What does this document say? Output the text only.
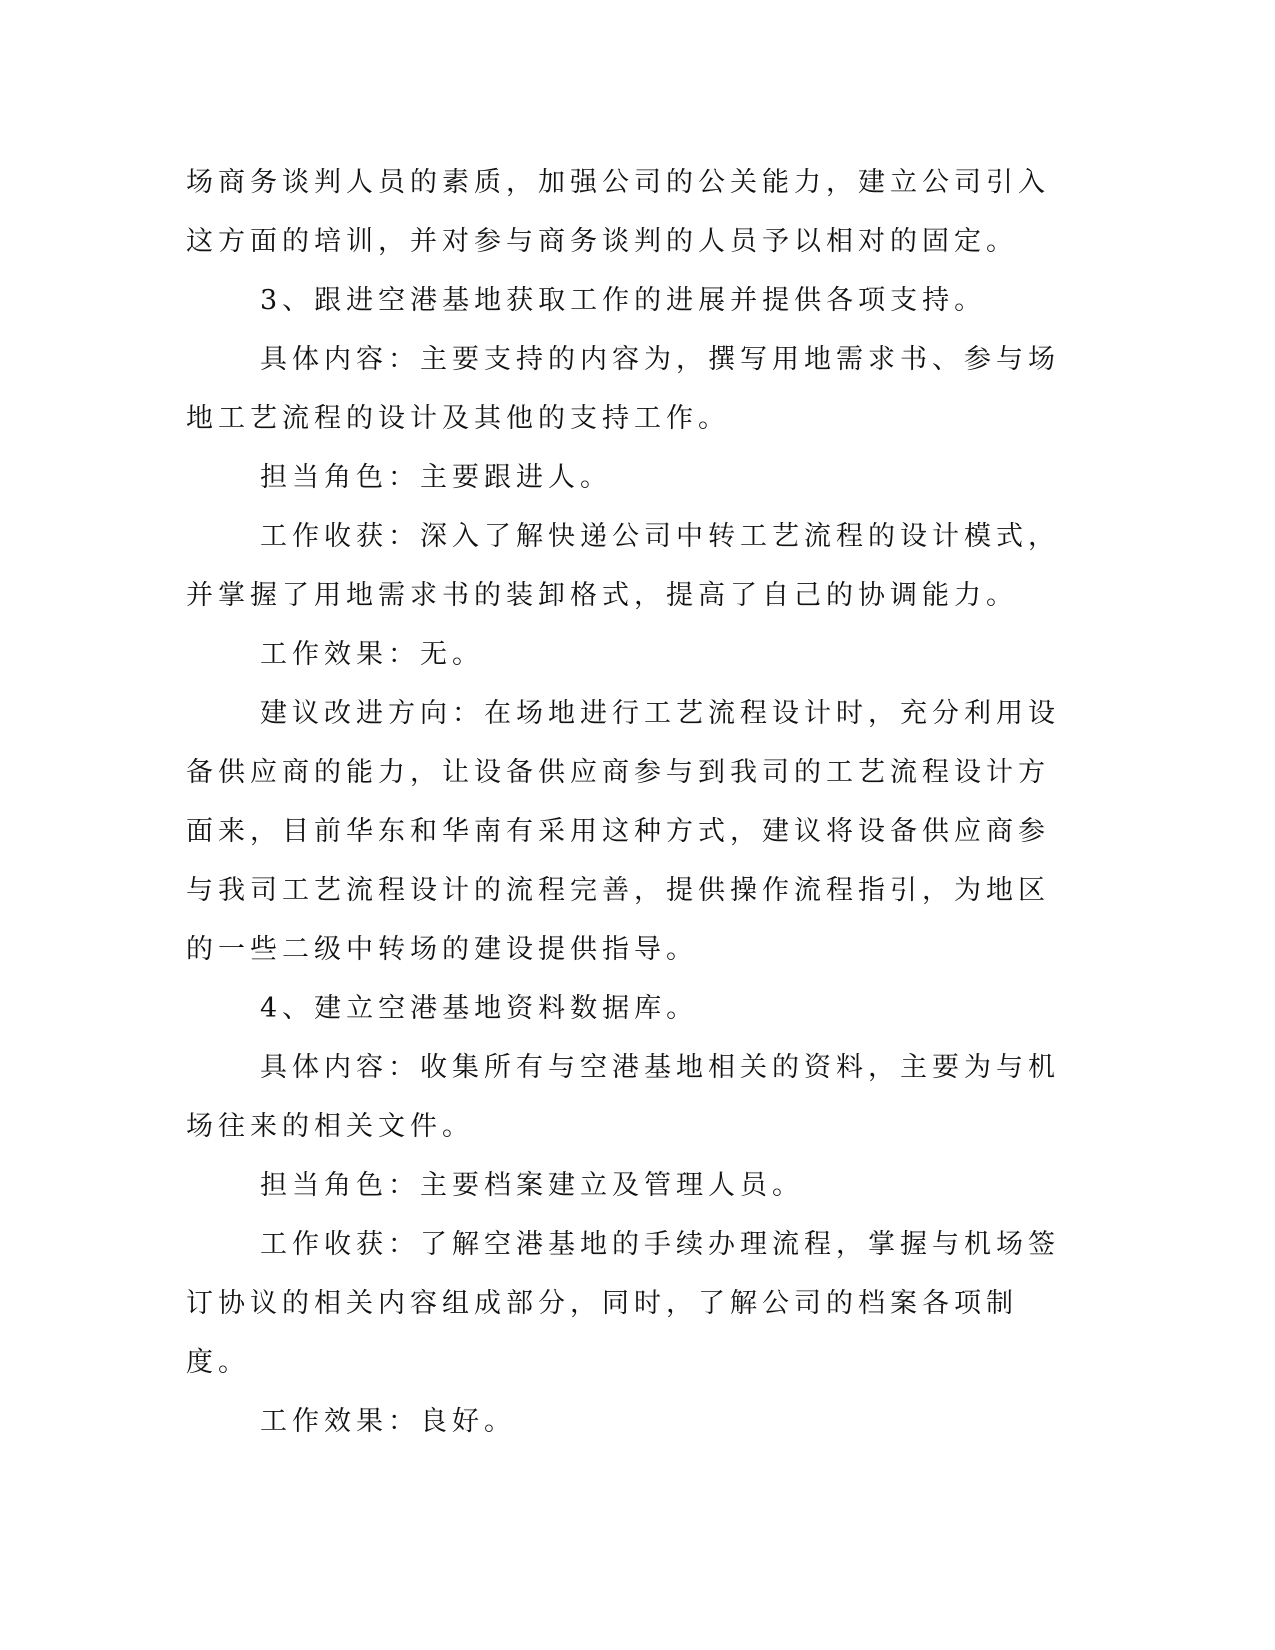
场商务谈判人员的素质，加强公司的公关能力，建立公司引入这方面的培训，并对参与商务谈判的人员予以相对的固定。

3、跟进空港基地获取工作的进展并提供各项支持。

具体内容：主要支持的内容为，撰写用地需求书、参与场地工艺流程的设计及其他的支持工作。

担当角色：主要跟进人。

工作收获：深入了解快递公司中转工艺流程的设计模式，并掌握了用地需求书的装卸格式，提高了自己的协调能力。

工作效果：无。

建议改进方向：在场地进行工艺流程设计时，充分利用设备供应商的能力，让设备供应商参与到我司的工艺流程设计方面来，目前华东和华南有采用这种方式，建议将设备供应商参与我司工艺流程设计的流程完善，提供操作流程指引，为地区的一些二级中转场的建设提供指导。

4、建立空港基地资料数据库。

具体内容：收集所有与空港基地相关的资料，主要为与机场往来的相关文件。

担当角色：主要档案建立及管理人员。

工作收获：了解空港基地的手续办理流程，掌握与机场签订协议的相关内容组成部分，同时，了解公司的档案各项制度。

工作效果：良好。
